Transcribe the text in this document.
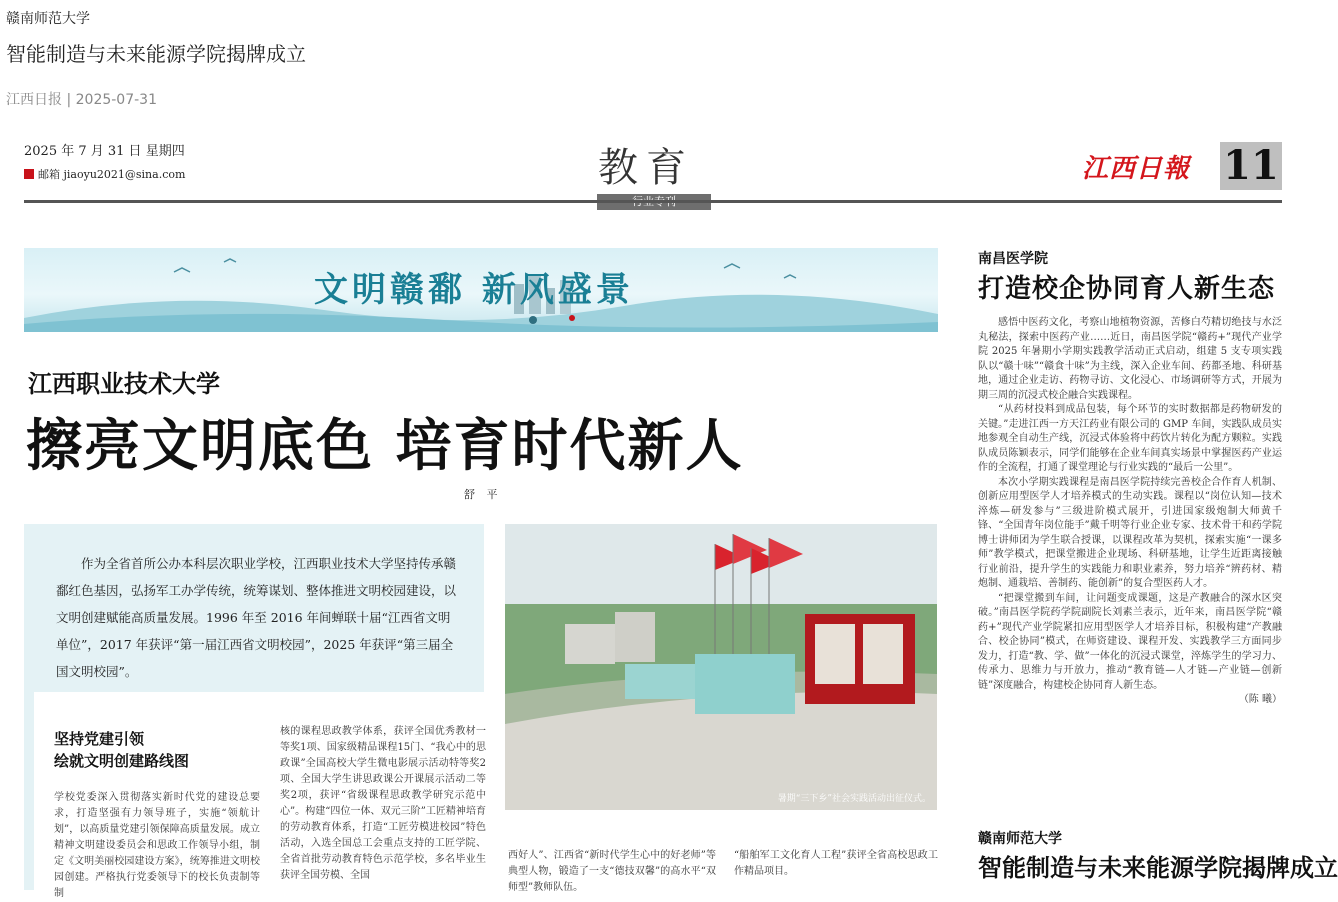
赣南师范大学
智能制造与未来能源学院揭牌成立
江西日报 | 2025-07-31
2025 年 7 月 31 日 星期四
邮箱 jiaoyu2021@sina.com	教育	江西日報 11
文明赣鄱 新风盛景
江西职业技术大学
擦亮文明底色 培育时代新人
舒 平
作为全省首所公办本科层次职业学校，江西职业技术大学坚持传承赣鄱红色基因，弘扬军工办学传统，统筹谋划、整体推进文明校园建设，以文明创建赋能高质量发展。1996 年至 2016 年间蝉联十届“江西省文明单位”，2017 年获评“第一届江西省文明校园”，2025 年获评“第三届全国文明校园”。
坚持党建引领
绘就文明创建路线图
学校党委深入贯彻落实新时代党的建设总要求，打造坚强有力领导班子，实施“领航计划”，以高质量党建引领保障高质量发展。成立精神文明建设委员会和思政工作领导小组，制定《文明美丽校园建设方案》，统筹推进文明校园创建。严格执行党委领导下的校长负责制等制
核的课程思政教学体系，获评全国优秀教材一等奖1项、国家级精品课程15门、“我心中的思政课”全国高校大学生微电影展示活动特等奖2项、全国大学生讲思政课公开课展示活动二等奖2项，获评“省级课程思政教学研究示范中心”。构建“四位一体、双元三阶”工匠精神培育的劳动教育体系，打造“工匠劳模进校园”特色活动，入选全国总工会重点支持的工匠学院、全省首批劳动教育特色示范学校，多名毕业生获评全国劳模、全国
西好人”、江西省“新时代学生心中的好老师”等典型人物，锻造了一支“德技双馨”的高水平“双师型”教师队伍。
“船舶军工文化育人工程”获评全省高校思政工作精品项目。
暑期“三下乡”社会实践活动出征仪式。
南昌医学院
打造校企协同育人新生态

感悟中医药文化，考察山地植物资源，苦修白芍精切绝技与水泛丸秘法，探索中医药产业……近日，南昌医学院“赣药+”现代产业学院 2025 年暑期小学期实践教学活动正式启动，组建 5 支专项实践队以“赣十味”“赣食十味”为主线，深入企业车间、药都圣地、科研基地，通过企业走访、药物寻访、文化浸心、市场调研等方式，开展为期三周的沉浸式校企融合实践课程。

“从药材投料到成品包装，每个环节的实时数据都是药物研发的关键。”走进江西一方天江药业有限公司的 GMP 车间，实践队成员实地参观全自动生产线，沉浸式体验将中药饮片转化为配方颗粒。实践队成员陈颖表示，同学们能够在企业车间真实场景中掌握医药产业运作的全流程，打通了课堂理论与行业实践的“最后一公里”。

本次小学期实践课程是南昌医学院持续完善校企合作育人机制、创新应用型医学人才培养模式的生动实践。课程以“岗位认知—技术淬炼—研发参与”三级进阶模式展开，引进国家级炮制大师黄千锋、“全国青年岗位能手”戴千明等行业企业专家、技术骨干和药学院博士讲师团为学生联合授课，以课程改革为契机，探索实施“一课多师”教学模式，把课堂搬进企业现场、科研基地，让学生近距离接触行业前沿，提升学生的实践能力和职业素养，努力培养“辨药材、精炮制、通栽培、善制药、能创新”的复合型医药人才。

“把课堂搬到车间，让问题变成课题，这是产教融合的深水区突破。”南昌医学院药学院副院长刘素兰表示，近年来，南昌医学院“赣药+”现代产业学院紧扣应用型医学人才培养目标，积极构建“产教融合、校企协同”模式，在师资建设、课程开发、实践教学三方面同步发力，打造“教、学、做”一体化的沉浸式课堂，淬炼学生的学习力、传承力、思维力与开放力，推动“教育链—人才链—产业链—创新链”深度融合，构建校企协同育人新生态。

（陈 曦）
赣南师范大学
智能制造与未来能源学院揭牌成立
